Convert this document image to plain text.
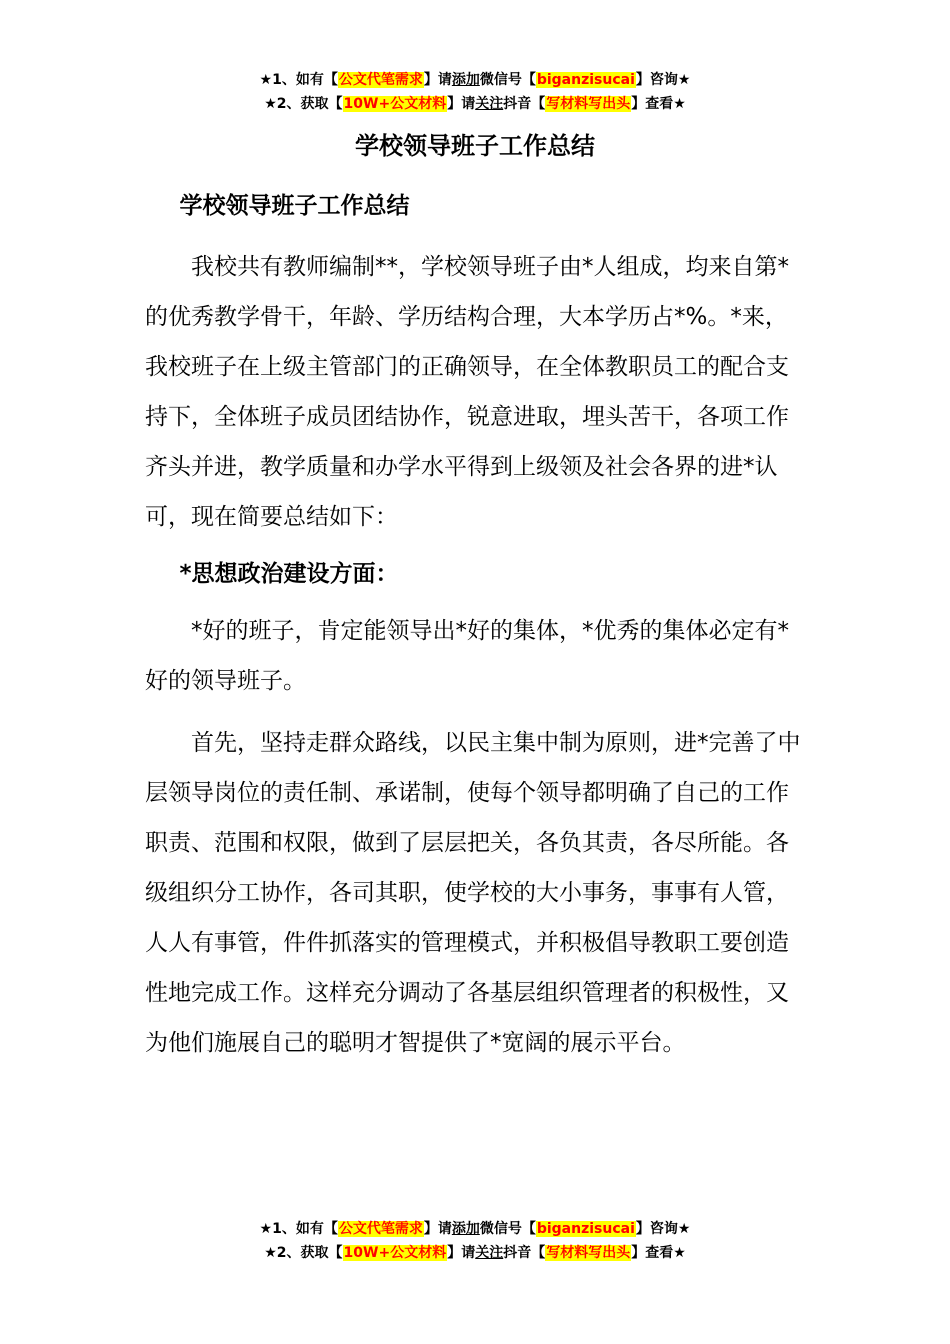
★1、如有【公文代笔需求】请添加微信号【biganzisucai】咨询★
★2、获取【10W+公文材料】请关注抖音【写材料写出头】查看★
学校领导班子工作总结
学校领导班子工作总结

我校共有教师编制**，学校领导班子由*人组成，均来自第*的优秀教学骨干，年龄、学历结构合理，大本学历占*%。*来，我校班子在上级主管部门的正确领导，在全体教职员工的配合支持下，全体班子成员团结协作，锐意进取，埋头苦干，各项工作齐头并进，教学质量和办学水平得到上级领及社会各界的进*认可，现在简要总结如下：

*思想政治建设方面：

*好的班子，肯定能领导出*好的集体，*优秀的集体必定有*好的领导班子。

首先，坚持走群众路线，以民主集中制为原则，进*完善了中层领导岗位的责任制、承诺制，使每个领导都明确了自己的工作职责、范围和权限，做到了层层把关，各负其责，各尽所能。各级组织分工协作，各司其职，使学校的大小事务，事事有人管，人人有事管，件件抓落实的管理模式，并积极倡导教职工要创造性地完成工作。这样充分调动了各基层组织管理者的积极性，又为他们施展自己的聪明才智提供了*宽阔的展示平台。

★1、如有【公文代笔需求】请添加微信号【biganzisucai】咨询★
★2、获取【10W+公文材料】请关注抖音【写材料写出头】查看★
